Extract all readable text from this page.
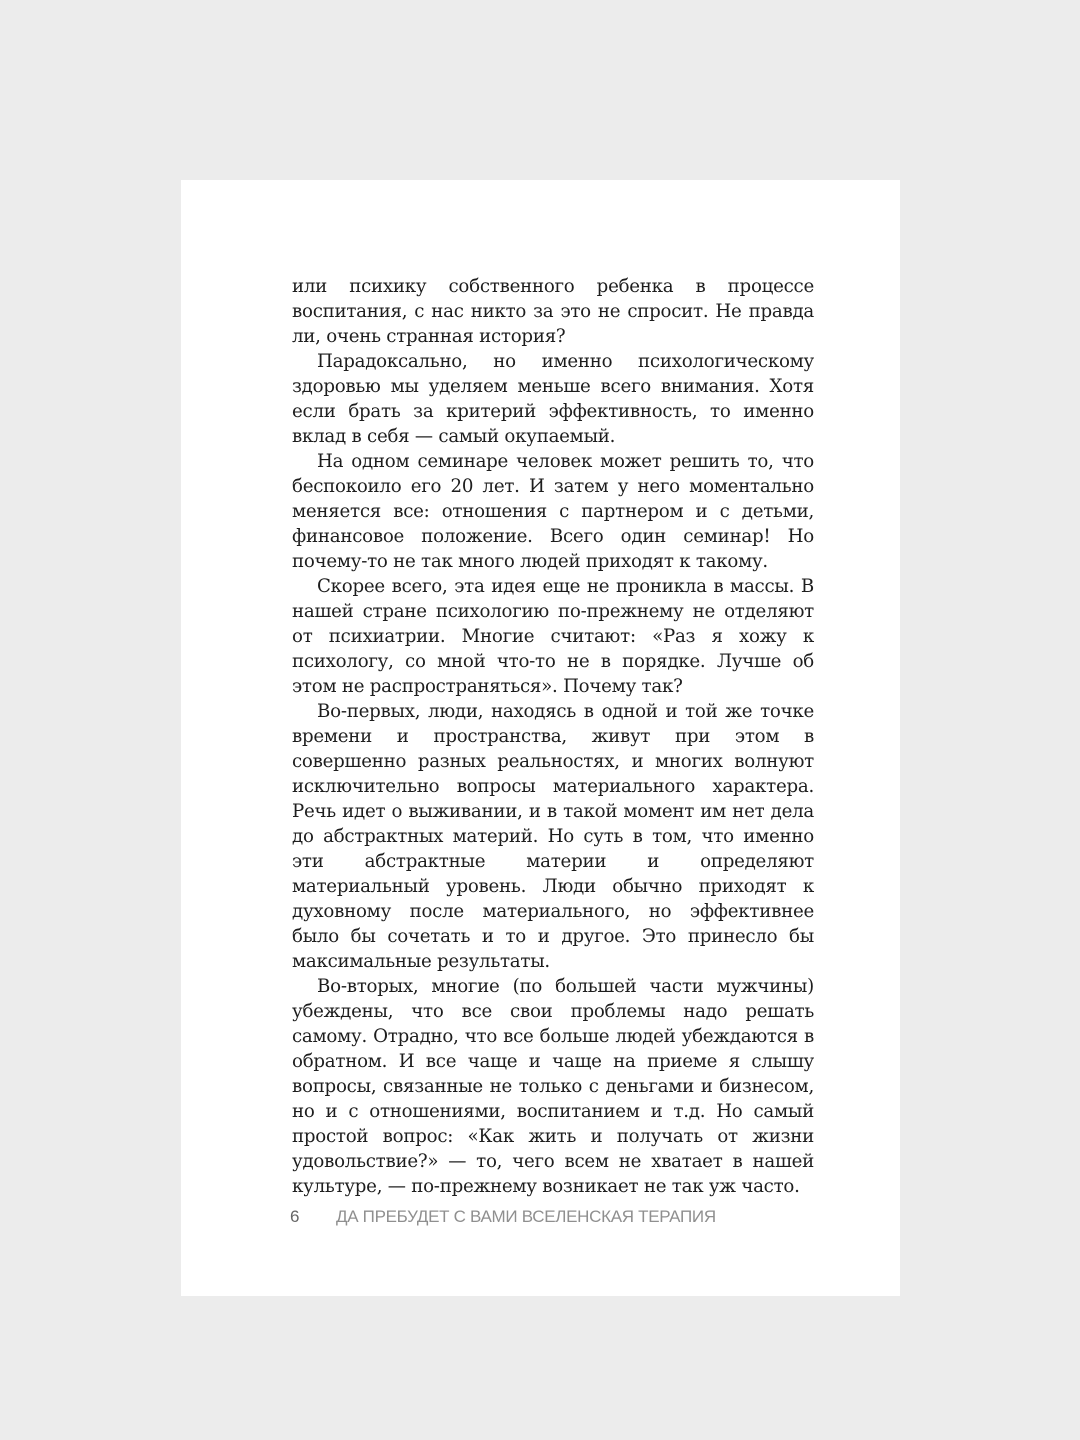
или психику собственного ребенка в процессе воспитания, с нас никто за это не спросит. Не правда ли, очень странная история?

Парадоксально, но именно психологическому здоровью мы уделяем меньше всего внимания. Хотя если брать за критерий эффективность, то именно вклад в себя — самый окупаемый.

На одном семинаре человек может решить то, что беспокоило его 20 лет. И затем у него моментально меняется все: отношения с партнером и с детьми, финансовое положение. Всего один семинар! Но почему-то не так много людей приходят к такому.

Скорее всего, эта идея еще не проникла в массы. В нашей стране психологию по-прежнему не отделяют от психиатрии. Многие считают: «Раз я хожу к психологу, со мной что-то не в порядке. Лучше об этом не распространяться». Почему так?

Во-первых, люди, находясь в одной и той же точке времени и пространства, живут при этом в совершенно разных реальностях, и многих волнуют исключительно вопросы материального характера. Речь идет о выживании, и в такой момент им нет дела до абстрактных материй. Но суть в том, что именно эти абстрактные материи и определяют материальный уровень. Люди обычно приходят к духовному после материального, но эффективнее было бы сочетать и то и другое. Это принесло бы максимальные результаты.

Во-вторых, многие (по большей части мужчины) убеждены, что все свои проблемы надо решать самому. Отрадно, что все больше людей убеждаются в обратном. И все чаще и чаще на приеме я слышу вопросы, связанные не только с деньгами и бизнесом, но и с отношениями, воспитанием и т.д. Но самый простой вопрос: «Как жить и получать от жизни удовольствие?» — то, чего всем не хватает в нашей культуре, — по-прежнему возникает не так уж часто.

6 ДА ПРЕБУДЕТ С ВАМИ ВСЕЛЕНСКАЯ ТЕРАПИЯ
